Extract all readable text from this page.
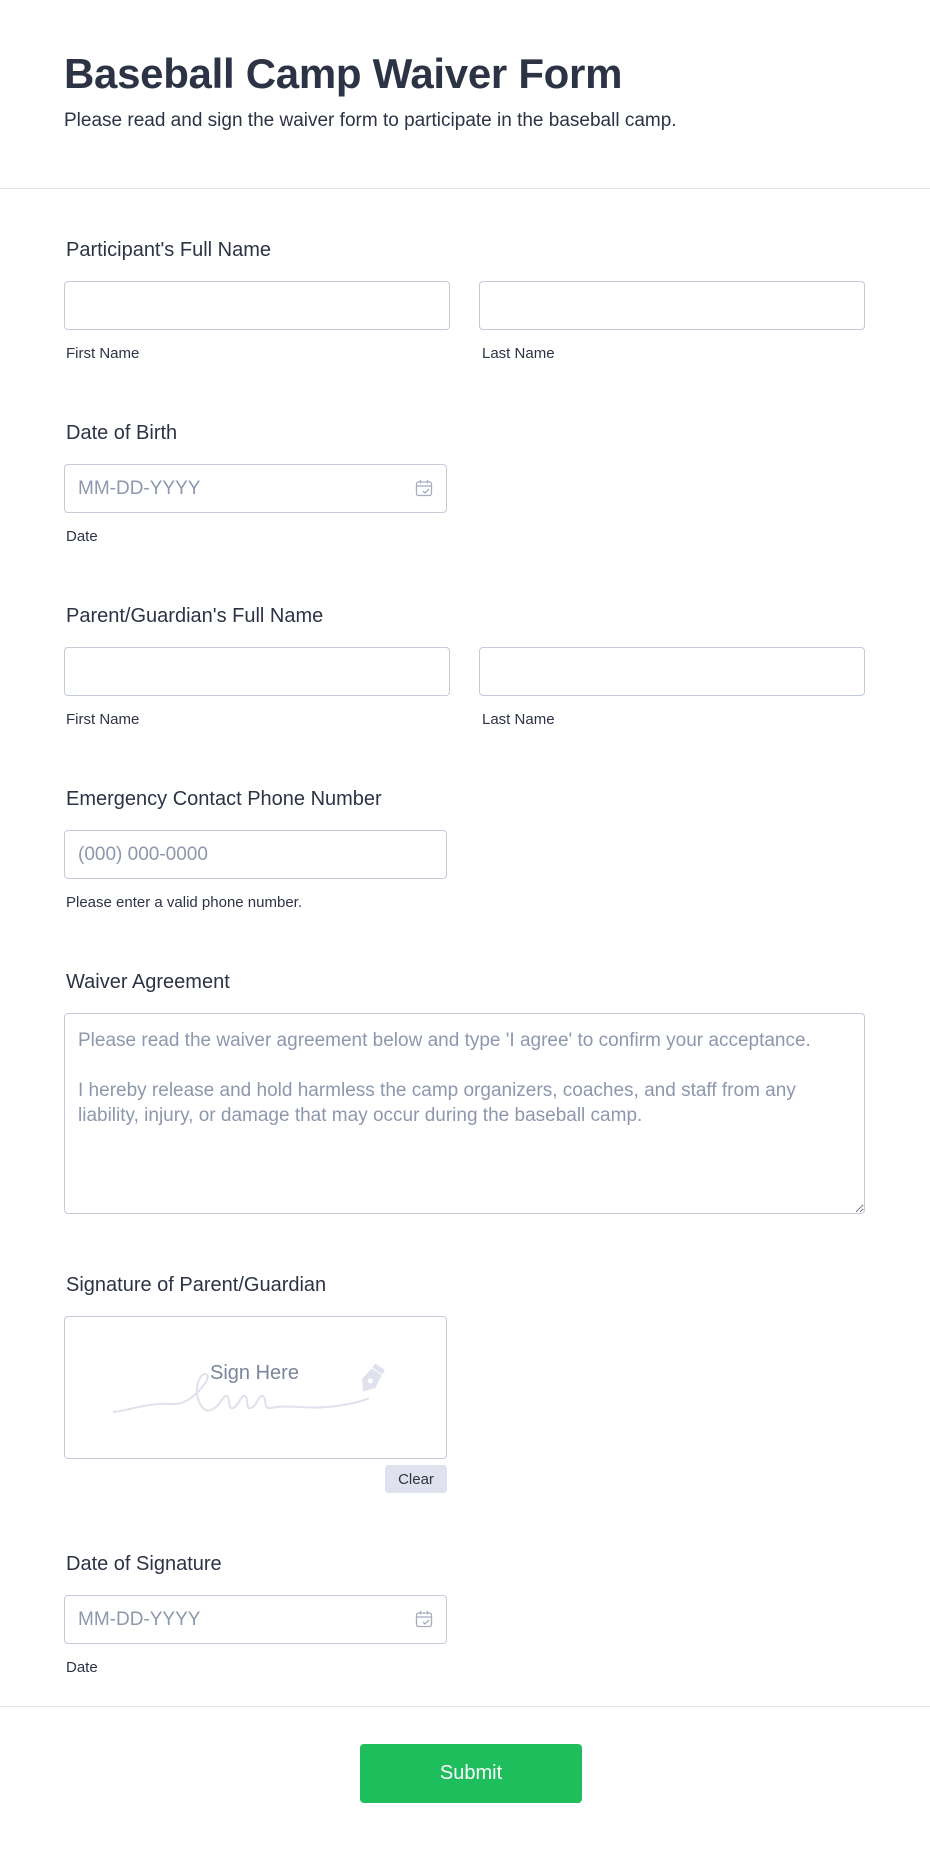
Baseball Camp Waiver Form
Please read and sign the waiver form to participate in the baseball camp.
Participant's Full Name
First Name	Last Name
Date of Birth
MM-DD-YYYY
Date
Parent/Guardian's Full Name
First Name	Last Name
Emergency Contact Phone Number
(000) 000-0000
Please enter a valid phone number.
Waiver Agreement
Please read the waiver agreement below and type 'I agree' to confirm your acceptance. I hereby release and hold harmless the camp organizers, coaches, and staff from any liability, injury, or damage that may occur during the baseball camp.
Signature of Parent/Guardian
Sign Here
Clear
Date of Signature
MM-DD-YYYY
Date
Submit
